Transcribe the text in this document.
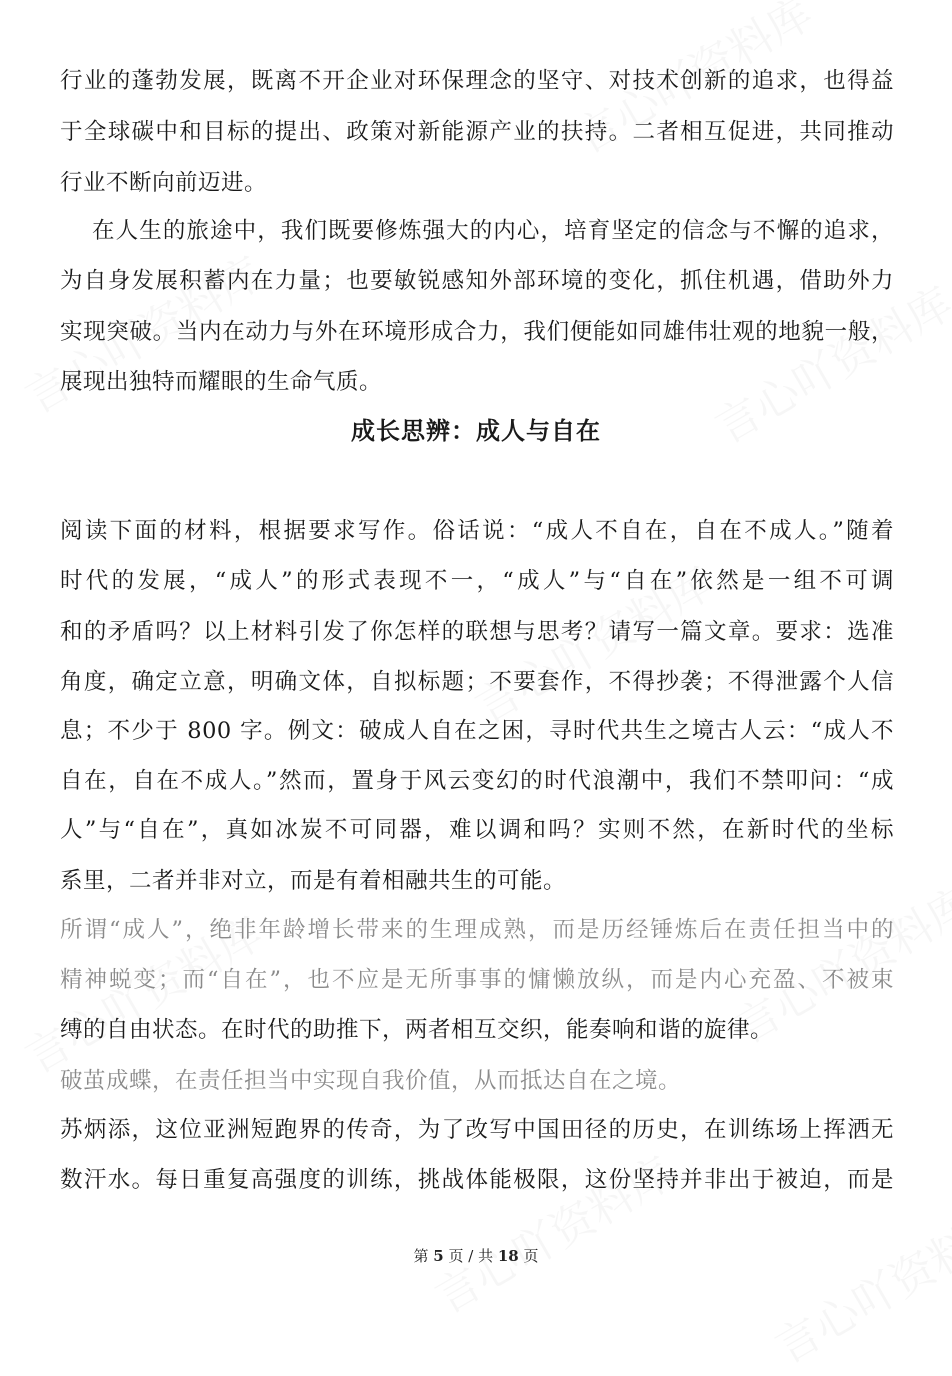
行业的蓬勃发展，既离不开企业对环保理念的坚守、对技术创新的追求，也得益
于全球碳中和目标的提出、政策对新能源产业的扶持。二者相互促进，共同推动
行业不断向前迈进。
在人生的旅途中，我们既要修炼强大的内心，培育坚定的信念与不懈的追求，
为自身发展积蓄内在力量；也要敏锐感知外部环境的变化，抓住机遇，借助外力
实现突破。当内在动力与外在环境形成合力，我们便能如同雄伟壮观的地貌一般，
展现出独特而耀眼的生命气质。
成长思辨：成人与自在
阅读下面的材料，根据要求写作。俗话说：“成人不自在，自在不成人。”随着
时代的发展，“成人”的形式表现不一，“成人”与“自在”依然是一组不可调
和的矛盾吗？以上材料引发了你怎样的联想与思考？请写一篇文章。要求：选准
角度，确定立意，明确文体，自拟标题；不要套作，不得抄袭；不得泄露个人信
息；不少于 800 字。例文：破成人自在之困，寻时代共生之境古人云：“成人不
自在，自在不成人。”然而，置身于风云变幻的时代浪潮中，我们不禁叩问：“成
人”与“自在”，真如冰炭不可同器，难以调和吗？实则不然，在新时代的坐标
系里，二者并非对立，而是有着相融共生的可能。
所谓“成人”，绝非年龄增长带来的生理成熟，而是历经锤炼后在责任担当中的
精神蜕变；而“自在”，也不应是无所事事的慵懒放纵，而是内心充盈、不被束
缚的自由状态。在时代的助推下，两者相互交织，能奏响和谐的旋律。
破茧成蝶，在责任担当中实现自我价值，从而抵达自在之境。
苏炳添，这位亚洲短跑界的传奇，为了改写中国田径的历史，在训练场上挥洒无
数汗水。每日重复高强度的训练，挑战体能极限，这份坚持并非出于被迫，而是
第 5 页 / 共 18 页
